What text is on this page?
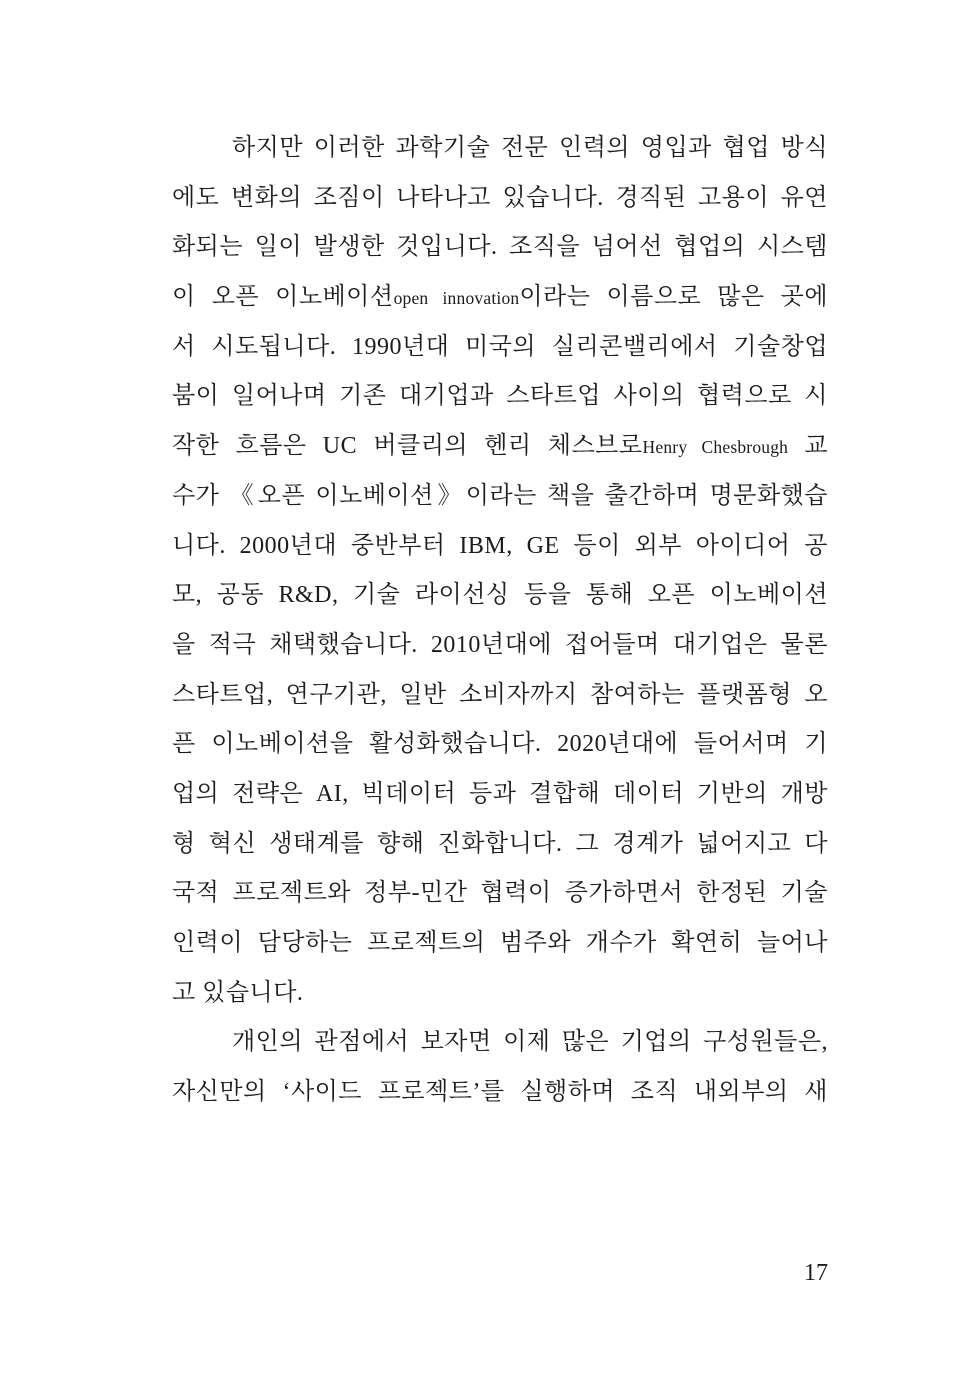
하지만 이러한 과학기술 전문 인력의 영입과 협업 방식

에도 변화의 조짐이 나타나고 있습니다. 경직된 고용이 유연

화되는 일이 발생한 것입니다. 조직을 넘어선 협업의 시스템

이 오픈 이노베이션open innovation이라는 이름으로 많은 곳에

서 시도됩니다. 1990년대 미국의 실리콘밸리에서 기술창업

붐이 일어나며 기존 대기업과 스타트업 사이의 협력으로 시

작한 흐름은 UC 버클리의 헨리 체스브로Henry Chesbrough 교

수가 《오픈 이노베이션》이라는 책을 출간하며 명문화했습

니다. 2000년대 중반부터 IBM, GE 등이 외부 아이디어 공

모, 공동 R&D, 기술 라이선싱 등을 통해 오픈 이노베이션

을 적극 채택했습니다. 2010년대에 접어들며 대기업은 물론

스타트업, 연구기관, 일반 소비자까지 참여하는 플랫폼형 오

픈 이노베이션을 활성화했습니다. 2020년대에 들어서며 기

업의 전략은 AI, 빅데이터 등과 결합해 데이터 기반의 개방

형 혁신 생태계를 향해 진화합니다. 그 경계가 넓어지고 다

국적 프로젝트와 정부-민간 협력이 증가하면서 한정된 기술

인력이 담당하는 프로젝트의 범주와 개수가 확연히 늘어나

고 있습니다.

개인의 관점에서 보자면 이제 많은 기업의 구성원들은,

자신만의 ‘사이드 프로젝트’를 실행하며 조직 내외부의 새

17
